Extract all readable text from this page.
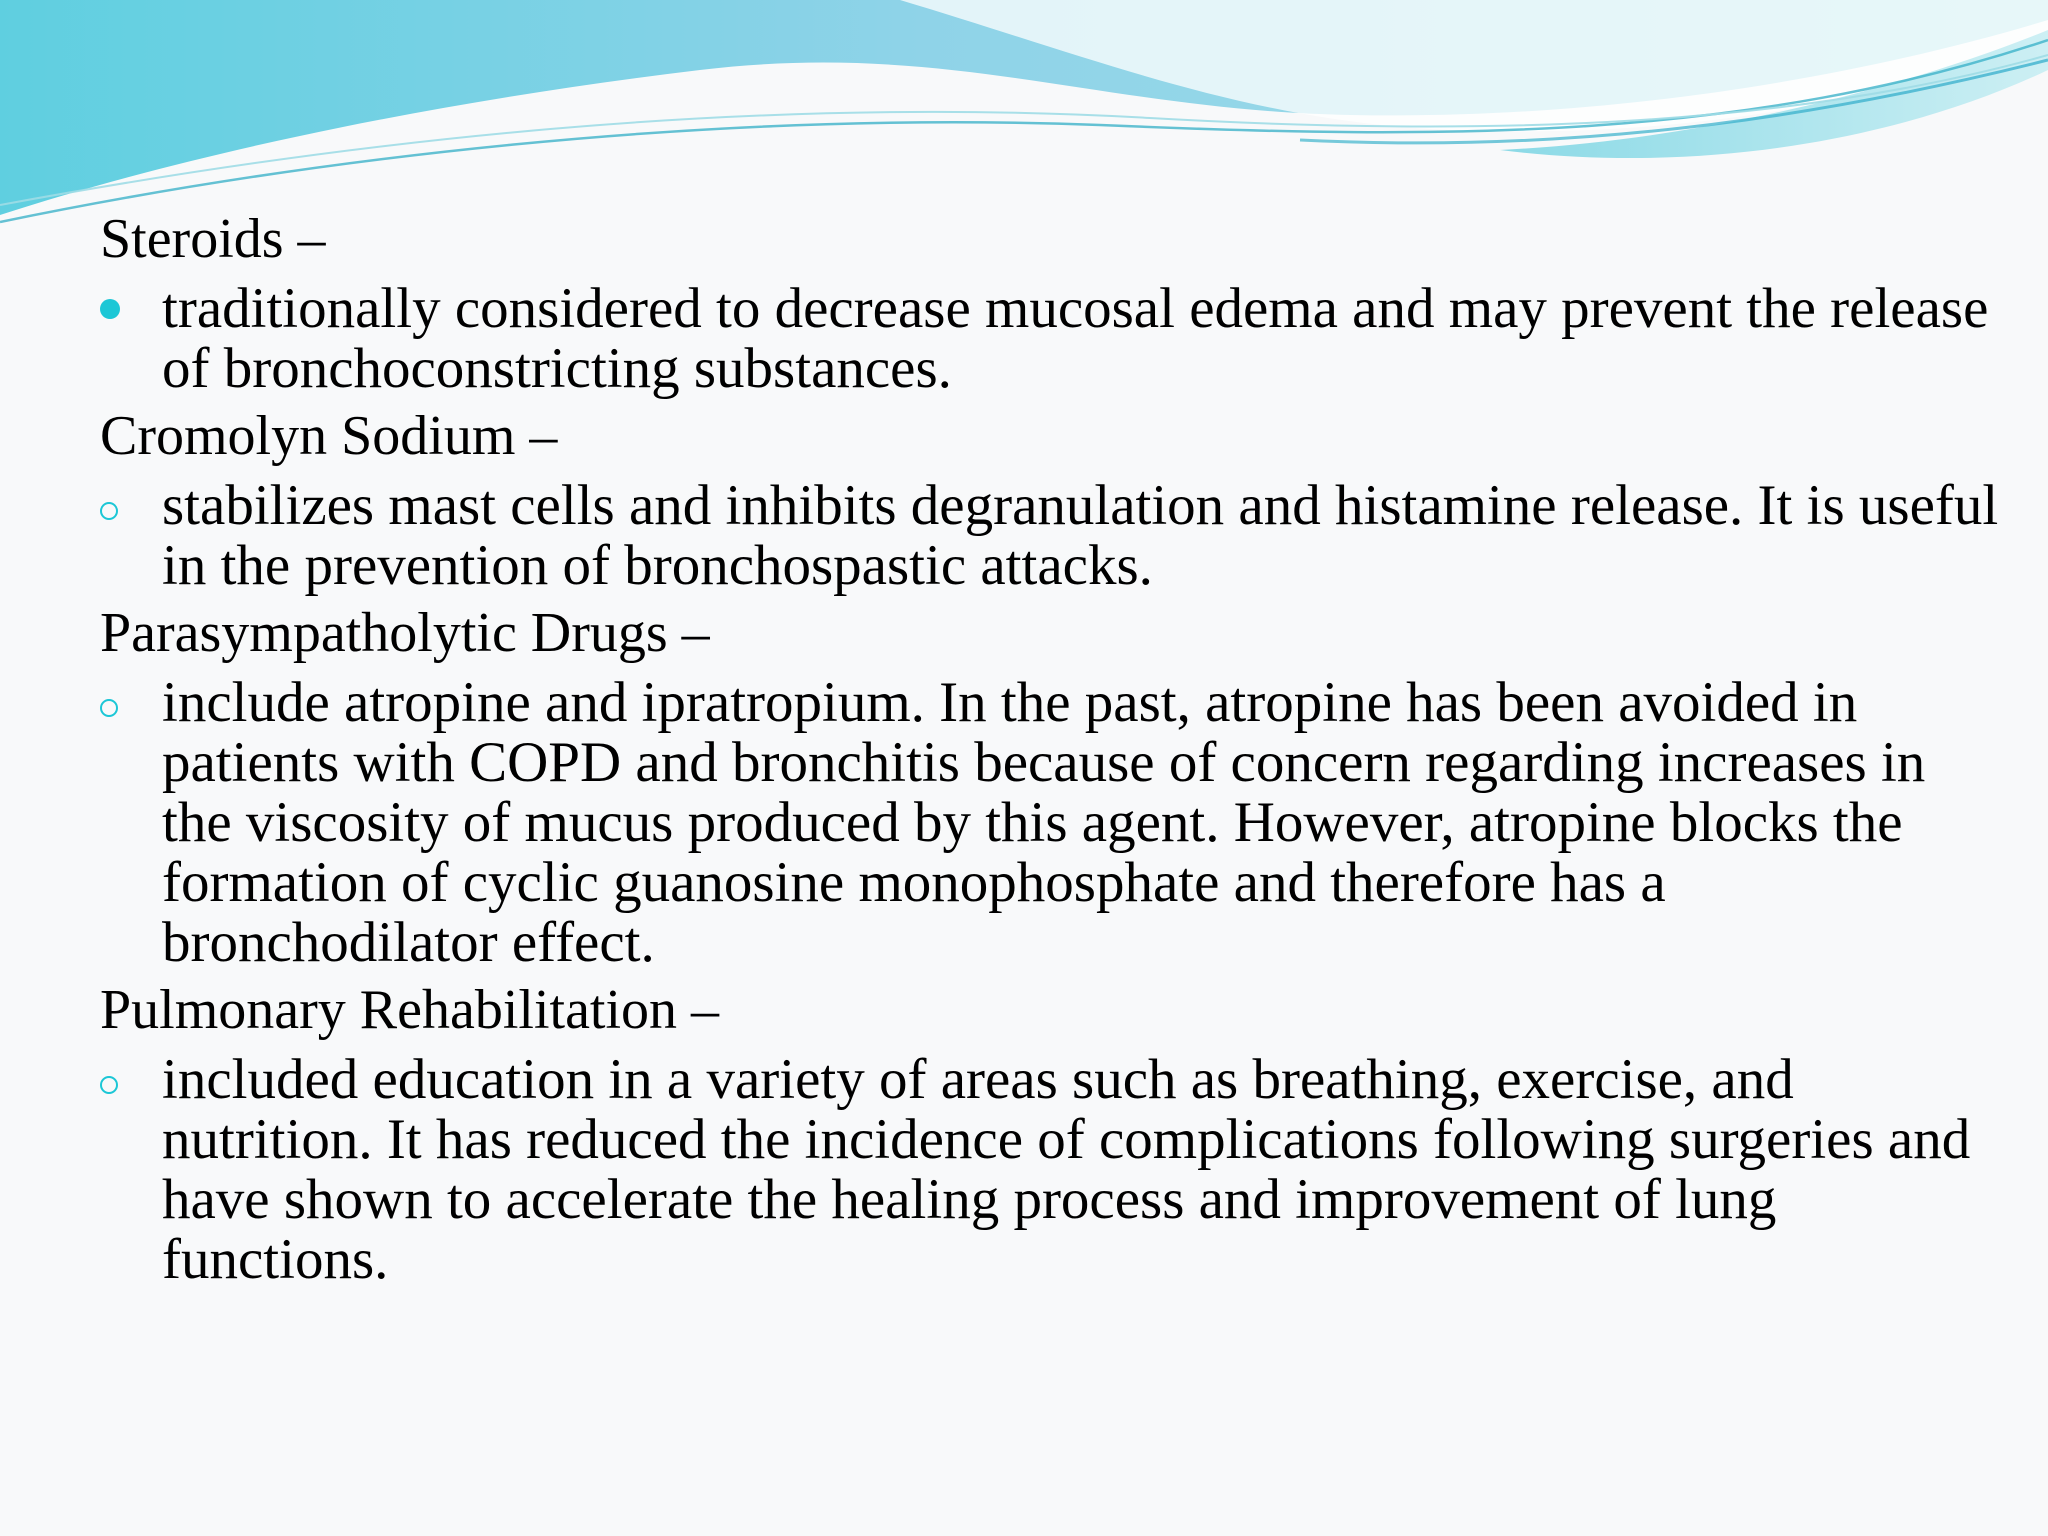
Steroids –
traditionally considered to decrease mucosal edema and may prevent the release of bronchoconstricting substances.
Cromolyn Sodium –
stabilizes mast cells and inhibits degranulation and histamine release. It is useful in the prevention of bronchospastic attacks.
Parasympatholytic Drugs –
include atropine and ipratropium. In the past, atropine has been avoided in patients with COPD and bronchitis because of concern regarding increases in the viscosity of mucus produced by this agent. However, atropine blocks the formation of cyclic guanosine monophosphate and therefore has a bronchodilator effect.
Pulmonary Rehabilitation –
included education in a variety of areas such as breathing, exercise, and nutrition. It has reduced the incidence of complications following surgeries and have shown to accelerate the healing process and improvement of lung functions.
